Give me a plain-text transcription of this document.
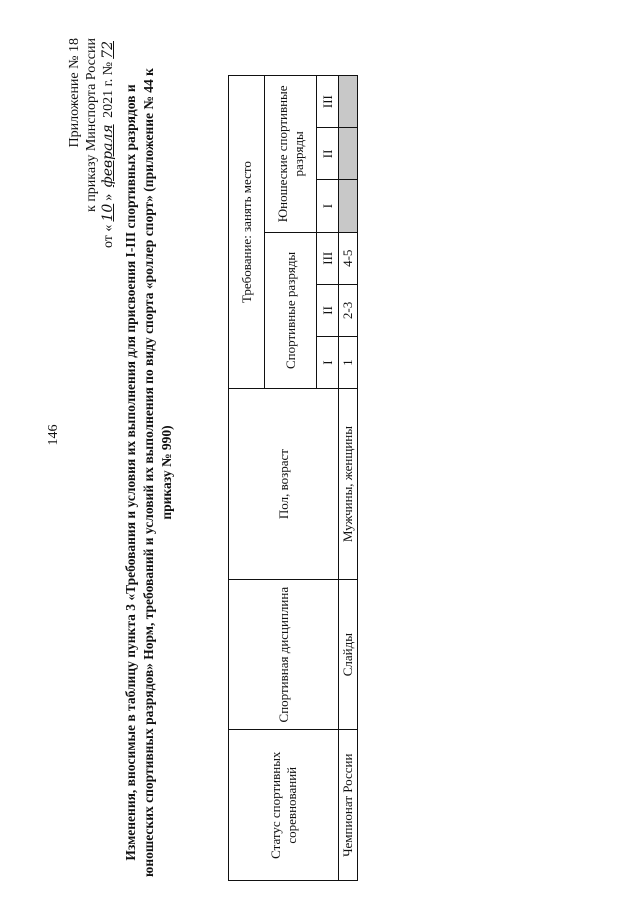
146
Приложение № 18 к приказу Минспорта России
от «10» февраля 2021 г. №72
Изменения, вносимые в таблицу пункта 3 «Требования и условия их выполнения для присвоения I-III спортивных разрядов и юношеских спортивных разрядов» Норм, требований и условий их выполнения по виду спорта «роллер спорт» (приложение № 44 к приказу № 990)
Статус спортивных соревнований	Спортивная дисциплина	Пол, возраст	Требование: занять место					
			Спортивные разряды			Юношеские спортивные разряды		
			I	II	III	I	II	III
Чемпионат России	Слайды	Мужчины, женщины	1	2-3	4-5			
